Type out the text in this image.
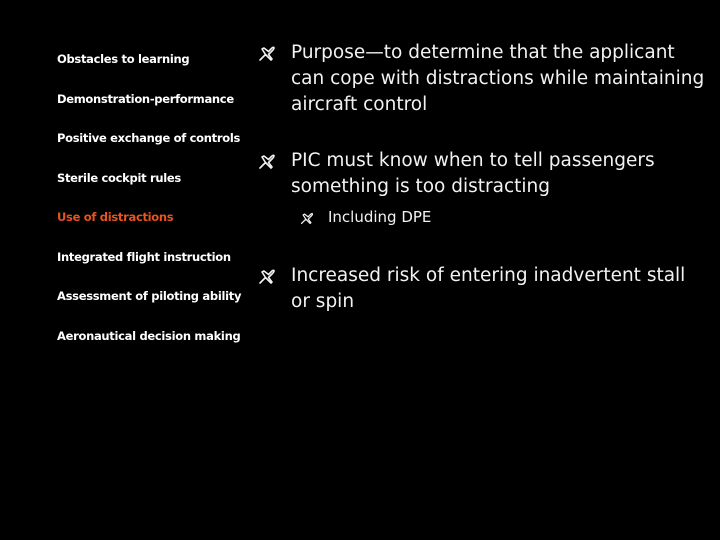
Obstacles to learning
Demonstration-performance
Positive exchange of controls
Sterile cockpit rules
Use of distractions
Integrated flight instruction
Assessment of piloting ability
Aeronautical decision making
Purpose—to determine that the applicant can cope with distractions while maintaining aircraft control
PIC must know when to tell passengers something is too distracting
Including DPE
Increased risk of entering inadvertent stall or spin
